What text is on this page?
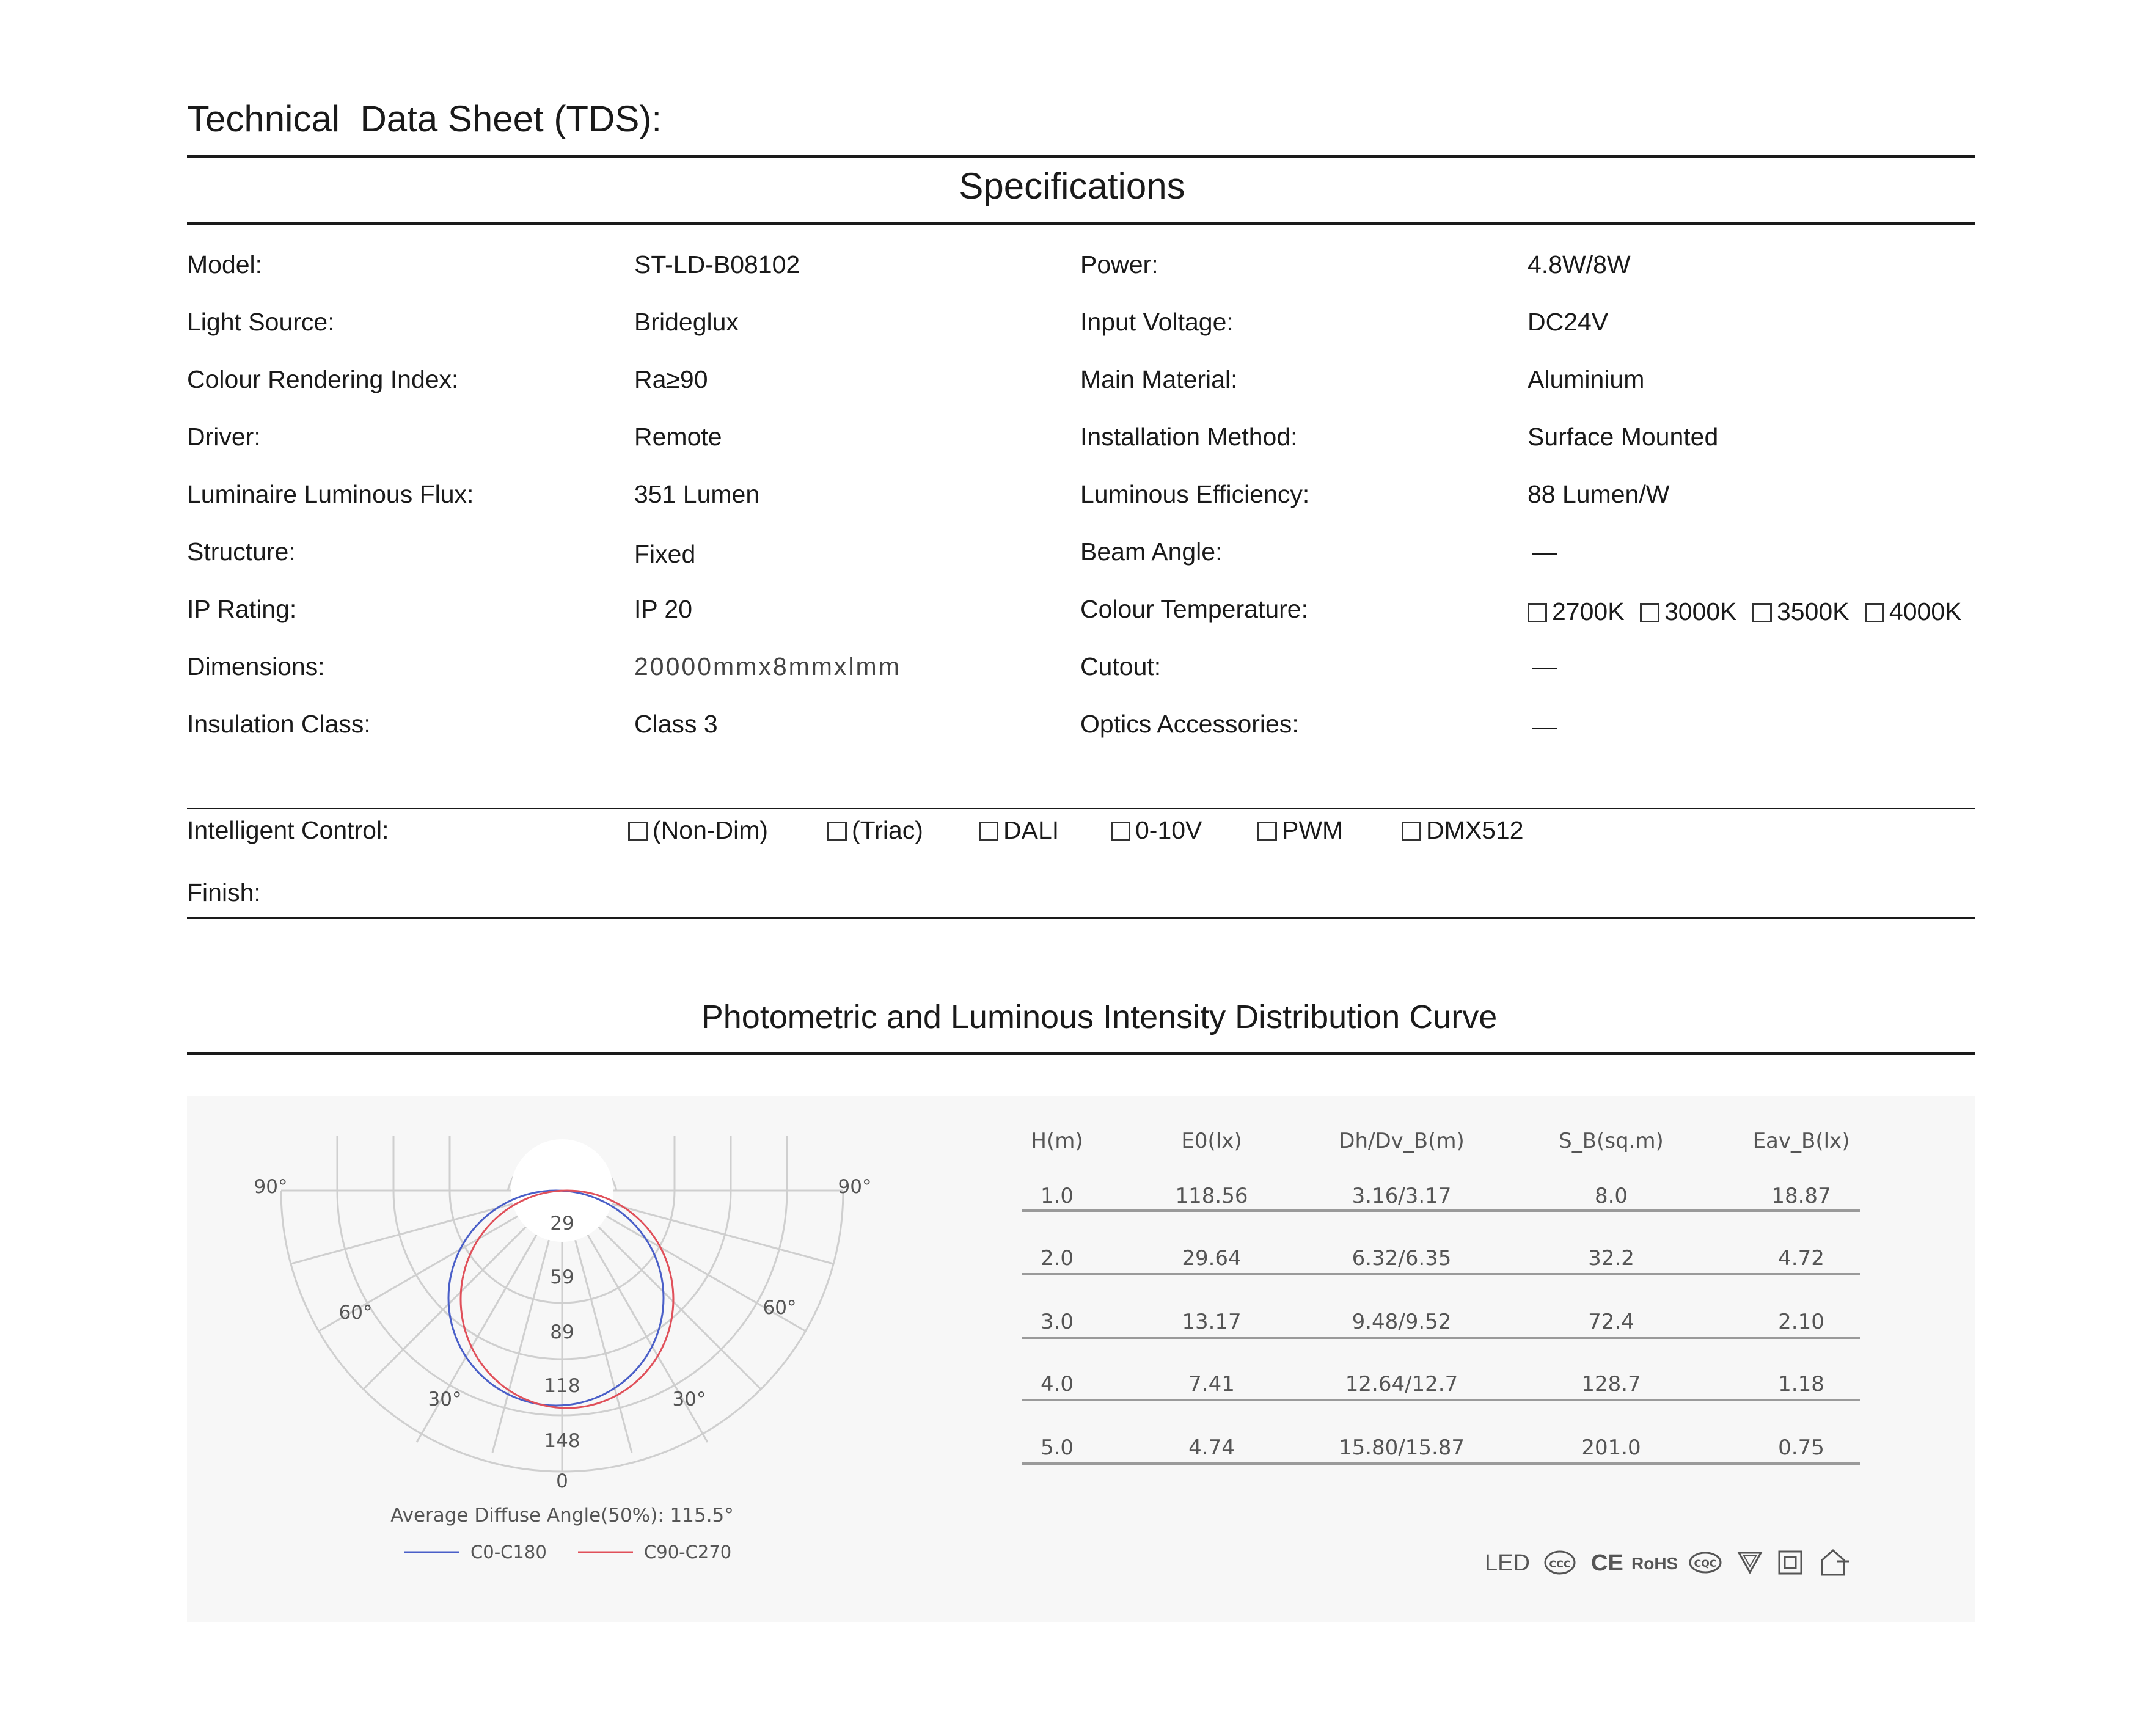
Technical  Data Sheet (TDS):
Specifications
Model:	ST-LD-B08102
Light Source:	Brideglux
Colour Rendering Index:	Ra≥90
Driver:	Remote
Luminaire Luminous Flux:	351 Lumen
Structure:	Fixed
IP Rating:	IP 20
Dimensions:	20000mmx8mmxlmm
Insulation Class:	Class 3
Power:	4.8W/8W
Input Voltage:	DC24V
Main Material:	Aluminium
Installation Method:	Surface Mounted
Luminous Efficiency:	88 Lumen/W
Beam Angle:	—
Colour Temperature:	2700K 3000K 3500K 4000K
Cutout:	—
Optics Accessories:	—
Intelligent Control:	(Non-Dim)	(Triac)	DALI	0-10V	PWM	DMX512
Finish:
Photometric and Luminous Intensity Distribution Curve
90°	90°
60°	60°
30°	30°
0
29
59
89
118
148
Average Diffuse Angle(50%): 115.5°
C0-C180	C90-C270
H(m)	E0(lx)	Dh/Dv_B(m)	S_B(sq.m)	Eav_B(lx)
1.0	118.56	3.16/3.17	8.0	18.87
2.0	29.64	6.32/6.35	32.2	4.72
3.0	13.17	9.48/9.52	72.4	2.10
4.0	7.41	12.64/12.7	128.7	1.18
5.0	4.74	15.80/15.87	201.0	0.75
LED CCC CE RoHS CQC
